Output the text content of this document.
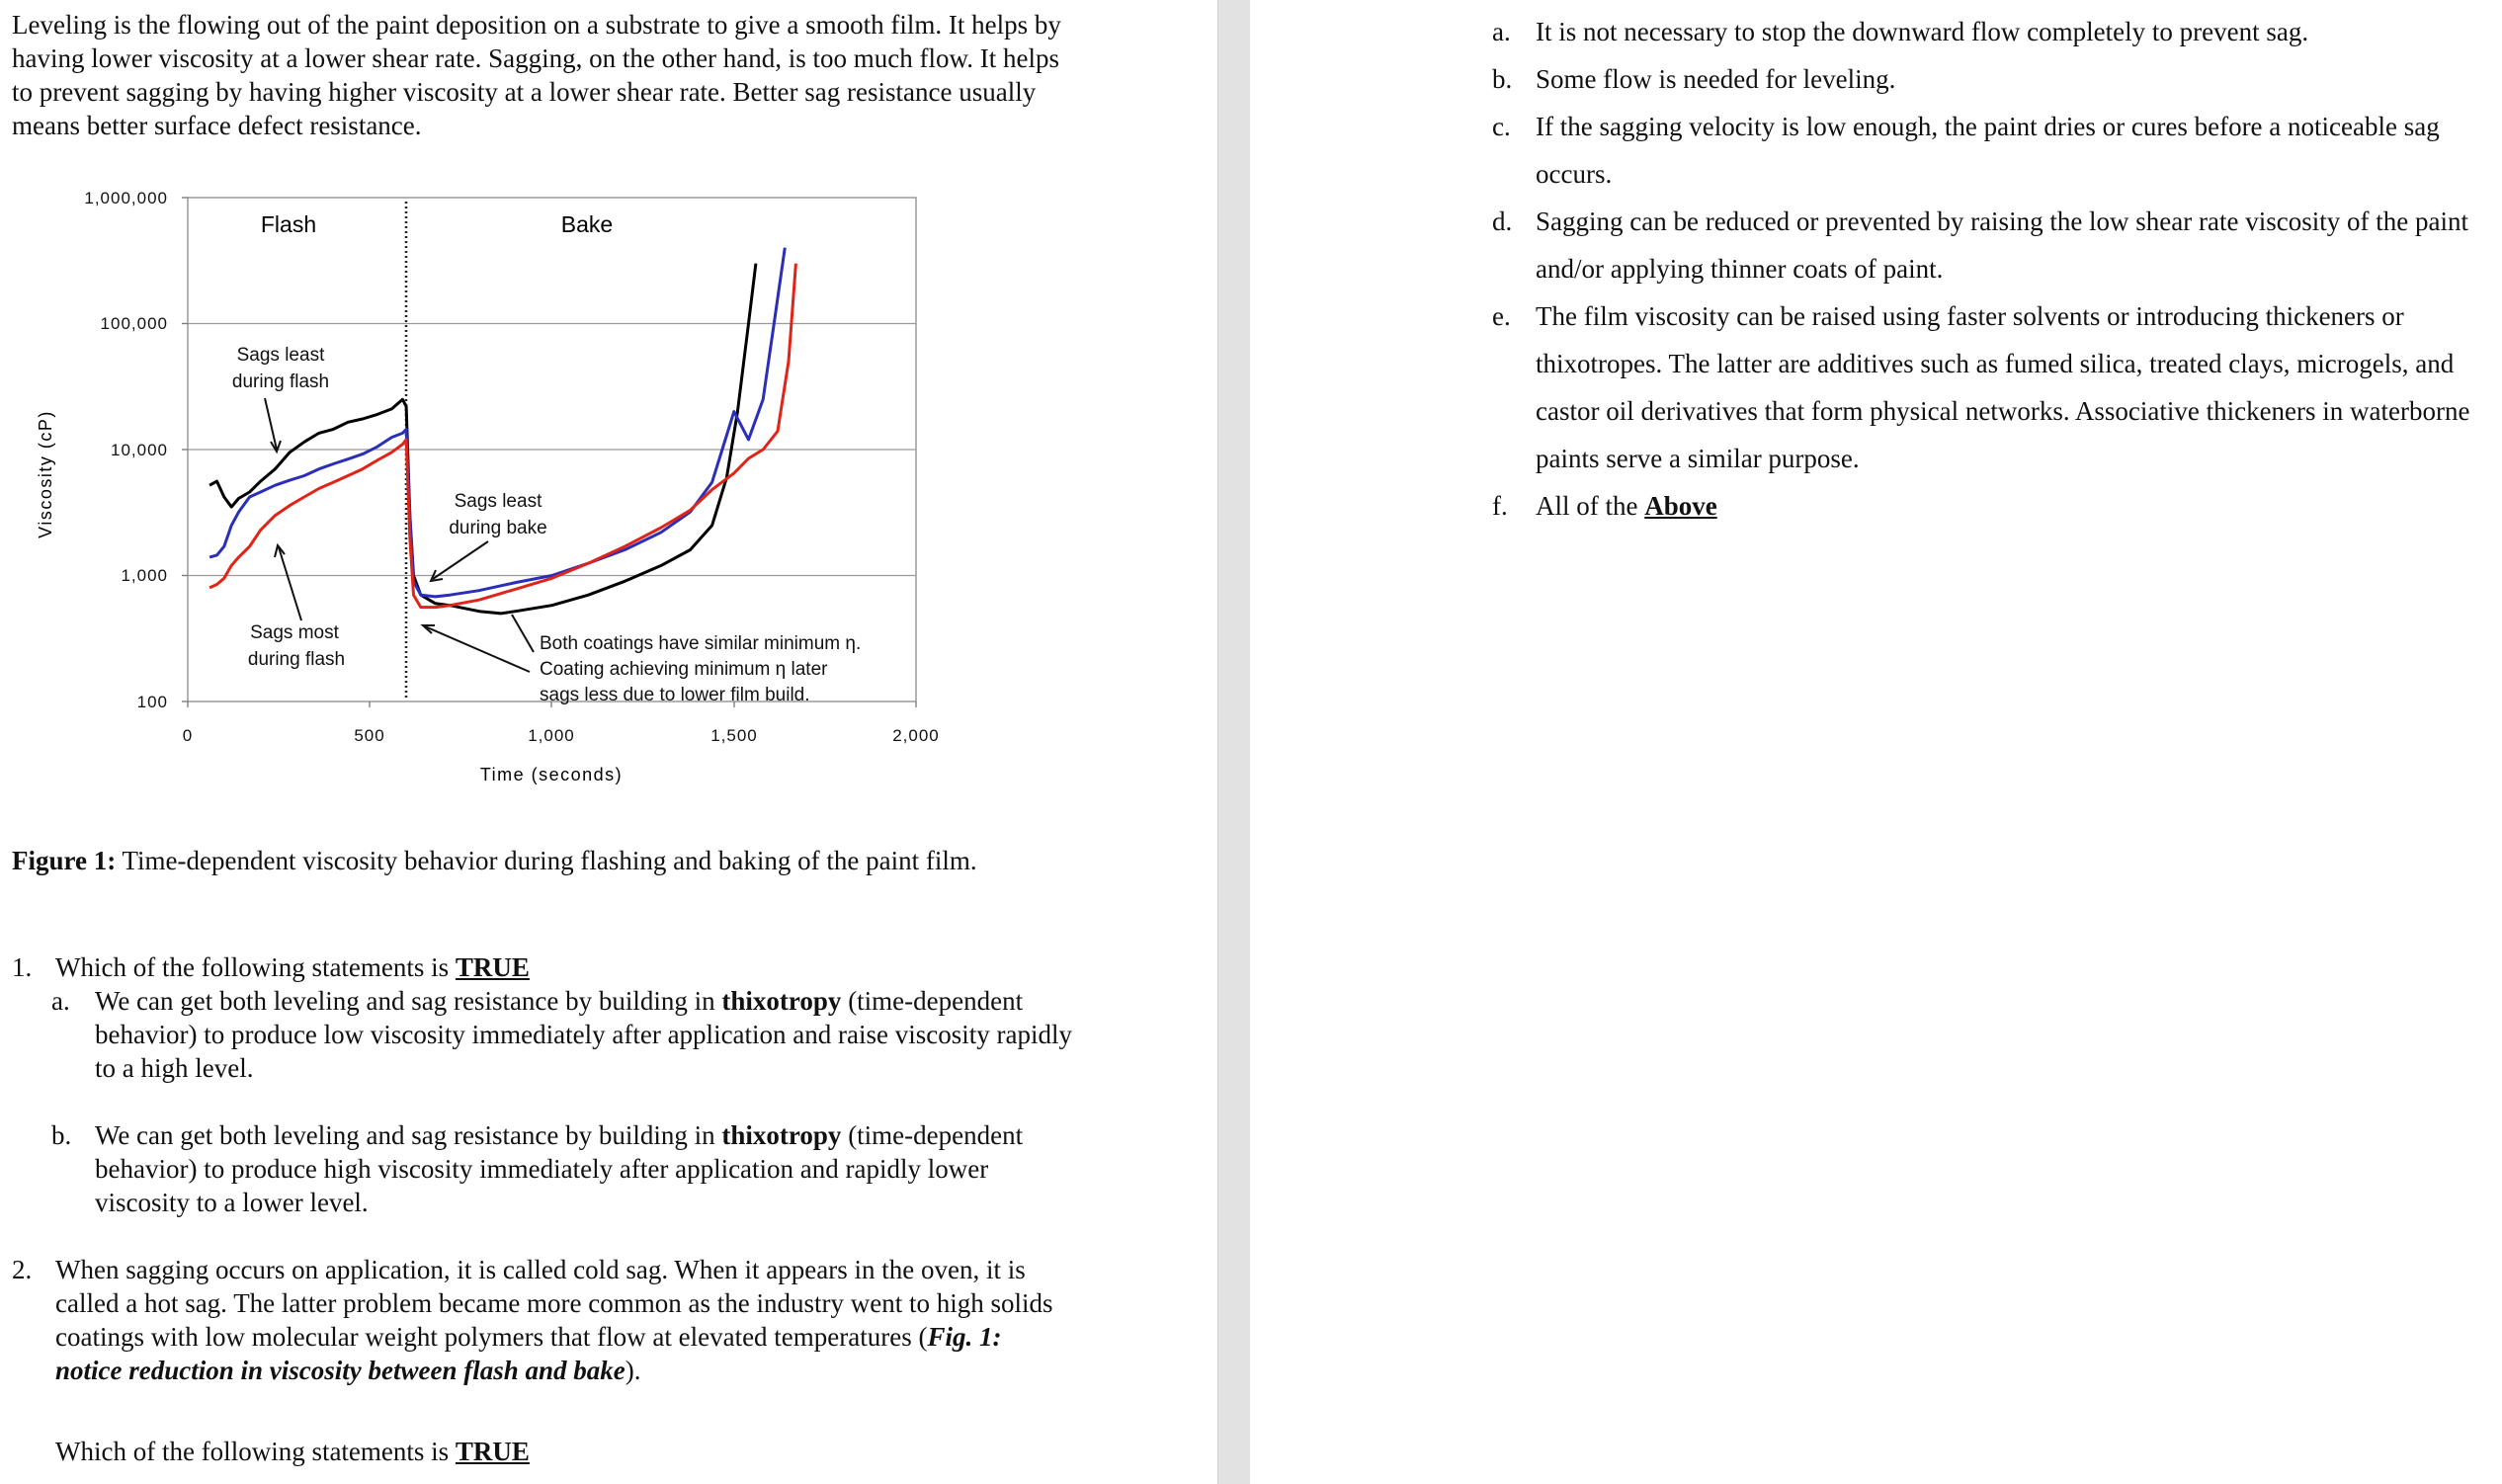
Leveling is the flowing out of the paint deposition on a substrate to give a smooth film. It helps by having lower viscosity at a lower shear rate. Sagging, on the other hand, is too much flow. It helps to prevent sagging by having higher viscosity at a lower shear rate. Better sag resistance usually means better surface defect resistance.

1,000,000
100,000
10,000
1,000
100
0	500	1,000	1,500	2,000
Time (seconds)
Viscosity (cP)
Flash	Bake
Sags least
during flash
Sags most
during flash
Sags least
during bake
Both coatings have similar minimum η.
Coating achieving minimum η later
sags less due to lower film build.

Figure 1: Time-dependent viscosity behavior during flashing and baking of the paint film.

1. Which of the following statements is TRUE
a. We can get both leveling and sag resistance by building in thixotropy (time-dependent behavior) to produce low viscosity immediately after application and raise viscosity rapidly to a high level.
b. We can get both leveling and sag resistance by building in thixotropy (time-dependent behavior) to produce high viscosity immediately after application and rapidly lower viscosity to a lower level.
2. When sagging occurs on application, it is called cold sag. When it appears in the oven, it is called a hot sag. The latter problem became more common as the industry went to high solids coatings with low molecular weight polymers that flow at elevated temperatures (Fig. 1: notice reduction in viscosity between flash and bake).
Which of the following statements is TRUE
a. It is not necessary to stop the downward flow completely to prevent sag.
b. Some flow is needed for leveling.
c. If the sagging velocity is low enough, the paint dries or cures before a noticeable sag occurs.
d. Sagging can be reduced or prevented by raising the low shear rate viscosity of the paint and/or applying thinner coats of paint.
e. The film viscosity can be raised using faster solvents or introducing thickeners or thixotropes. The latter are additives such as fumed silica, treated clays, microgels, and castor oil derivatives that form physical networks. Associative thickeners in waterborne paints serve a similar purpose.
f.	All of the Above
